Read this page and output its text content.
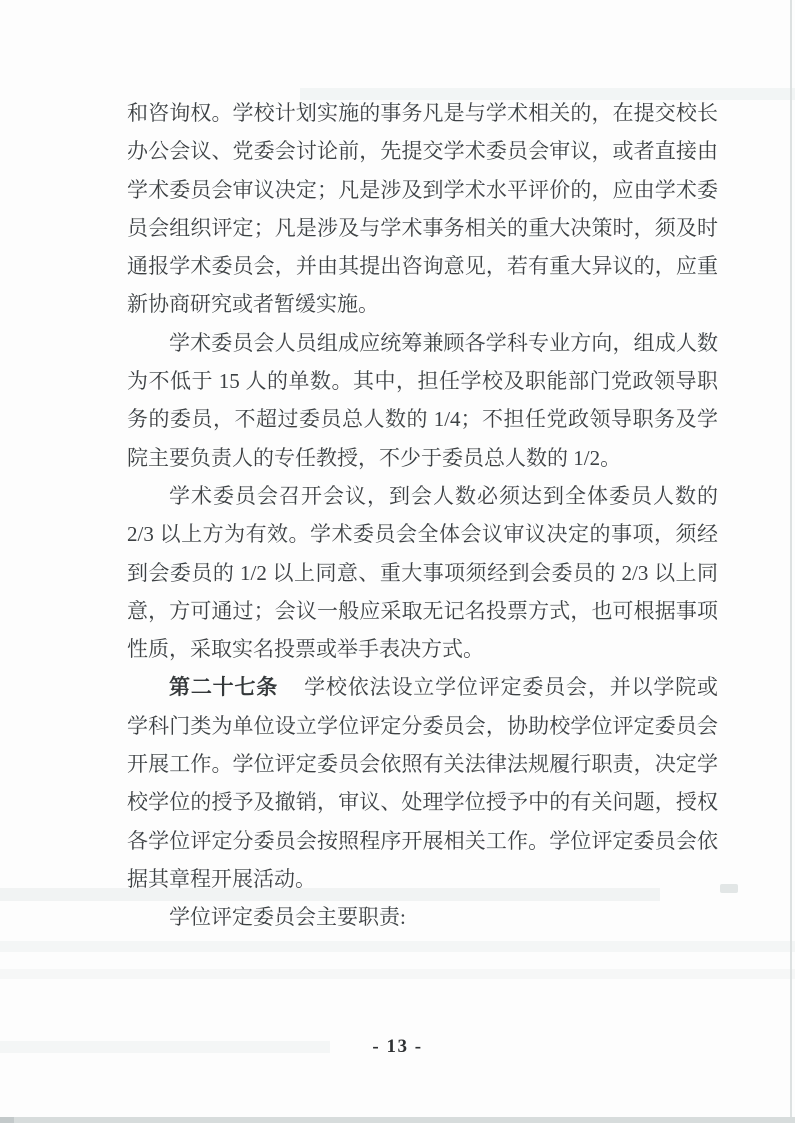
和咨询权。学校计划实施的事务凡是与学术相关的，在提交校长办公会议、党委会讨论前，先提交学术委员会审议，或者直接由学术委员会审议决定；凡是涉及到学术水平评价的，应由学术委员会组织评定；凡是涉及与学术事务相关的重大决策时，须及时通报学术委员会，并由其提出咨询意见，若有重大异议的，应重新协商研究或者暂缓实施。

学术委员会人员组成应统筹兼顾各学科专业方向，组成人数为不低于 15 人的单数。其中，担任学校及职能部门党政领导职务的委员，不超过委员总人数的 1/4；不担任党政领导职务及学院主要负责人的专任教授，不少于委员总人数的 1/2。

学术委员会召开会议，到会人数必须达到全体委员人数的 2/3 以上方为有效。学术委员会全体会议审议决定的事项，须经到会委员的 1/2 以上同意、重大事项须经到会委员的 2/3 以上同意，方可通过；会议一般应采取无记名投票方式，也可根据事项性质，采取实名投票或举手表决方式。

第二十七条 学校依法设立学位评定委员会，并以学院或学科门类为单位设立学位评定分委员会，协助校学位评定委员会开展工作。学位评定委员会依照有关法律法规履行职责，决定学校学位的授予及撤销，审议、处理学位授予中的有关问题，授权各学位评定分委员会按照程序开展相关工作。学位评定委员会依据其章程开展活动。

学位评定委员会主要职责:

- 13 -
